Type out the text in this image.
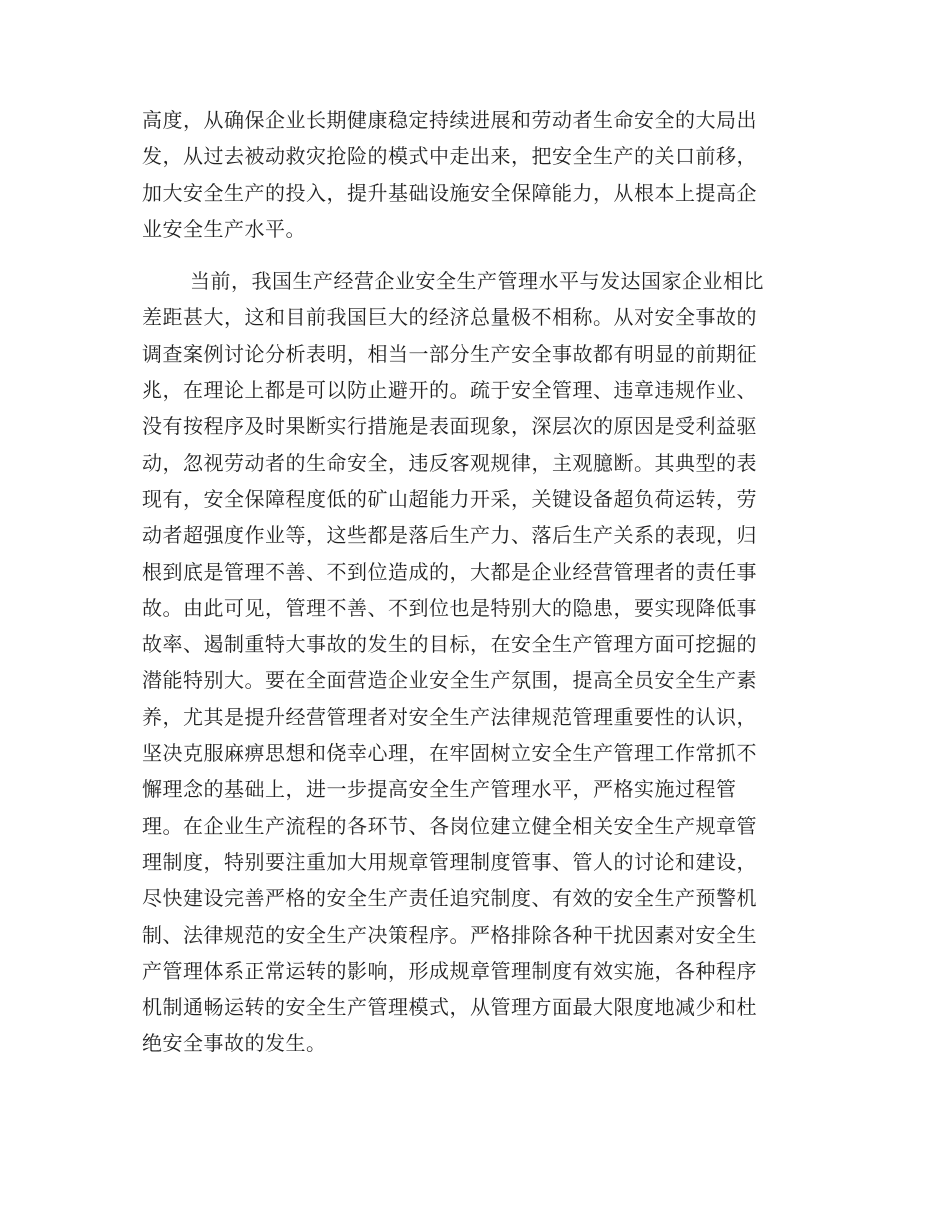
高度，从确保企业长期健康稳定持续进展和劳动者生命安全的大局出
发，从过去被动救灾抢险的模式中走出来，把安全生产的关口前移，
加大安全生产的投入，提升基础设施安全保障能力，从根本上提高企
业安全生产水平。

当前，我国生产经营企业安全生产管理水平与发达国家企业相比
差距甚大，这和目前我国巨大的经济总量极不相称。从对安全事故的
调查案例讨论分析表明，相当一部分生产安全事故都有明显的前期征
兆，在理论上都是可以防止避开的。疏于安全管理、违章违规作业、
没有按程序及时果断实行措施是表面现象，深层次的原因是受利益驱
动，忽视劳动者的生命安全，违反客观规律，主观臆断。其典型的表
现有，安全保障程度低的矿山超能力开采，关键设备超负荷运转，劳
动者超强度作业等，这些都是落后生产力、落后生产关系的表现，归
根到底是管理不善、不到位造成的，大都是企业经营管理者的责任事
故。由此可见，管理不善、不到位也是特别大的隐患，要实现降低事
故率、遏制重特大事故的发生的目标，在安全生产管理方面可挖掘的
潜能特别大。要在全面营造企业安全生产氛围，提高全员安全生产素
养，尤其是提升经营管理者对安全生产法律规范管理重要性的认识，
坚决克服麻痹思想和侥幸心理，在牢固树立安全生产管理工作常抓不
懈理念的基础上，进一步提高安全生产管理水平，严格实施过程管
理。在企业生产流程的各环节、各岗位建立健全相关安全生产规章管
理制度，特别要注重加大用规章管理制度管事、管人的讨论和建设，
尽快建设完善严格的安全生产责任追究制度、有效的安全生产预警机
制、法律规范的安全生产决策程序。严格排除各种干扰因素对安全生
产管理体系正常运转的影响，形成规章管理制度有效实施，各种程序
机制通畅运转的安全生产管理模式，从管理方面最大限度地减少和杜
绝安全事故的发生。
